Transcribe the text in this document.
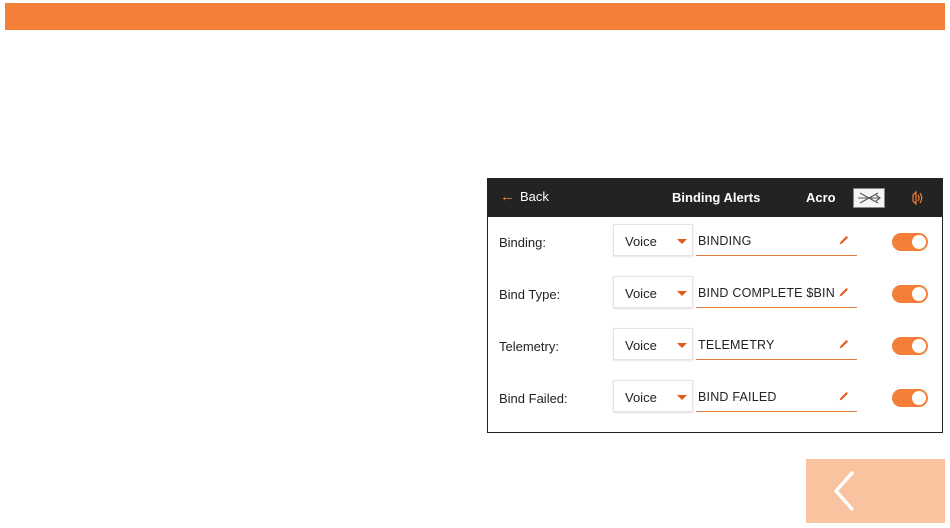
← Back	Binding Alerts	Acro
Binding:	Voice	BINDING
Bind Type:	Voice	BIND COMPLETE $BIN
Telemetry:	Voice	TELEMETRY
Bind Failed:	Voice	BIND FAILED
